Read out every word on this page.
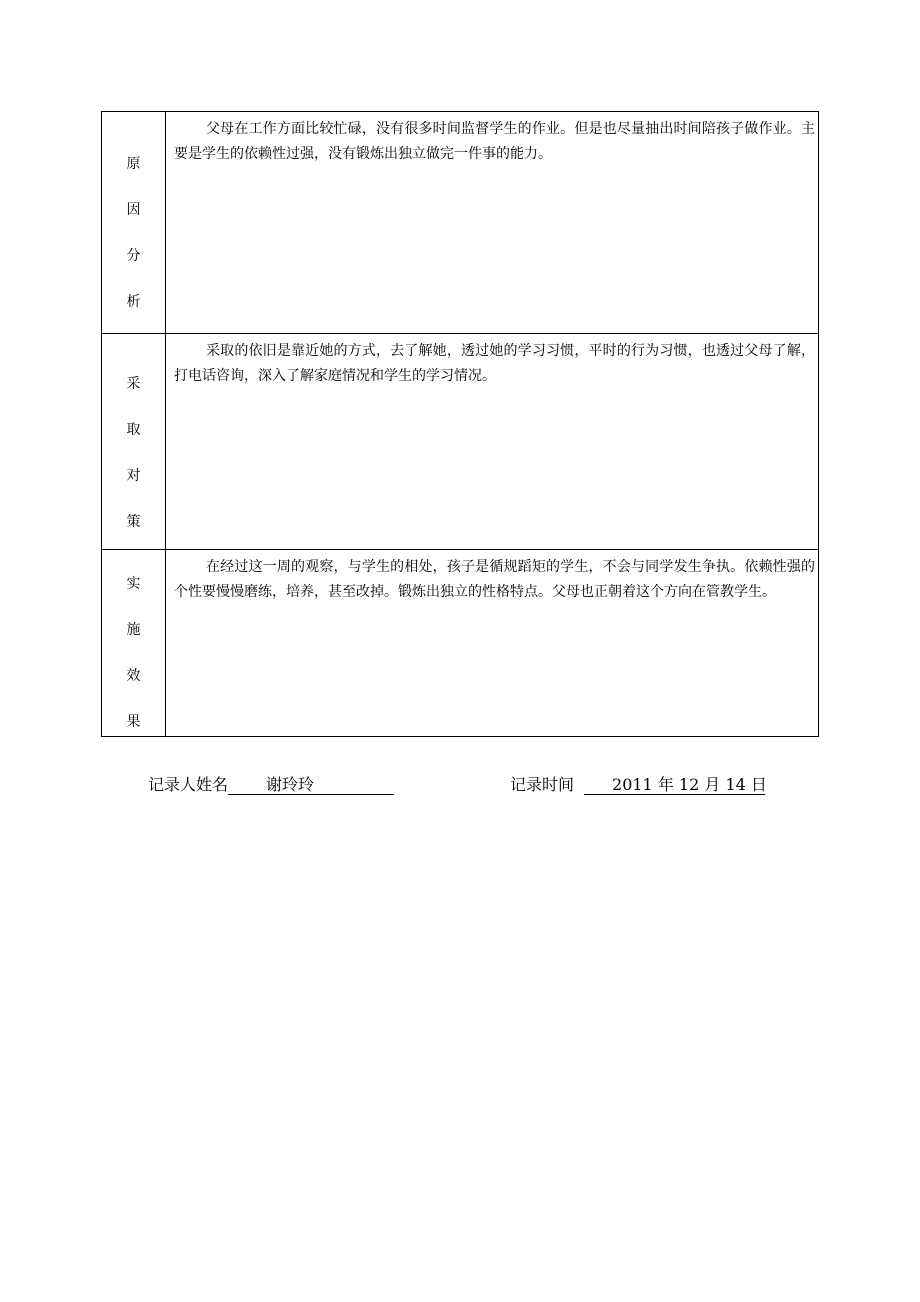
原
因
分
析	父母在工作方面比较忙碌，没有很多时间监督学生的作业。但是也尽量抽出时间陪孩子做作业。主要是学生的依赖性过强，没有锻炼出独立做完一件事的能力。

采
取
对
策	采取的依旧是靠近她的方式，去了解她，透过她的学习习惯，平时的行为习惯，也透过父母了解，打电话咨询，深入了解家庭情况和学生的学习情况。

实
施
效
果	在经过这一周的观察，与学生的相处，孩子是循规蹈矩的学生，不会与同学发生争执。依赖性强的个性要慢慢磨练，培养，甚至改掉。锻炼出独立的性格特点。父母也正朝着这个方向在管教学生。
记录人姓名 谢玲玲	记录时间 2011 年 12 月 14 日
